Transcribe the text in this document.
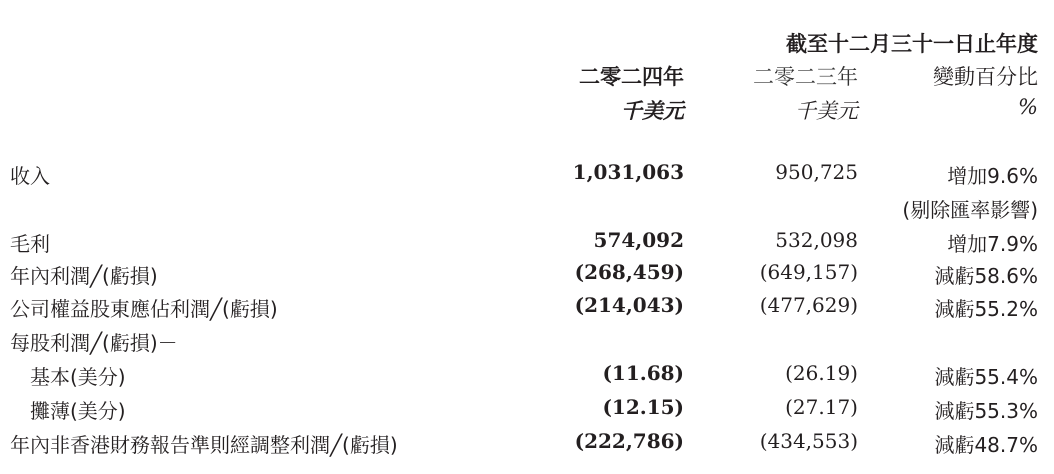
截至十二月三十一日止年度
二零二四年	二零二三年	變動百分比
千美元	千美元	%
收入	1,031,063	950,725	增加9.6%
(剔除匯率影響)
毛利	574,092	532,098	增加7.9%
年內利潤╱(虧損)	(268,459)	(649,157)	減虧58.6%
公司權益股東應佔利潤╱(虧損)	(214,043)	(477,629)	減虧55.2%
每股利潤╱(虧損)－
基本(美分)	(11.68)	(26.19)	減虧55.4%
攤薄(美分)	(12.15)	(27.17)	減虧55.3%
年內非香港財務報告準則經調整利潤╱(虧損)	(222,786)	(434,553)	減虧48.7%
